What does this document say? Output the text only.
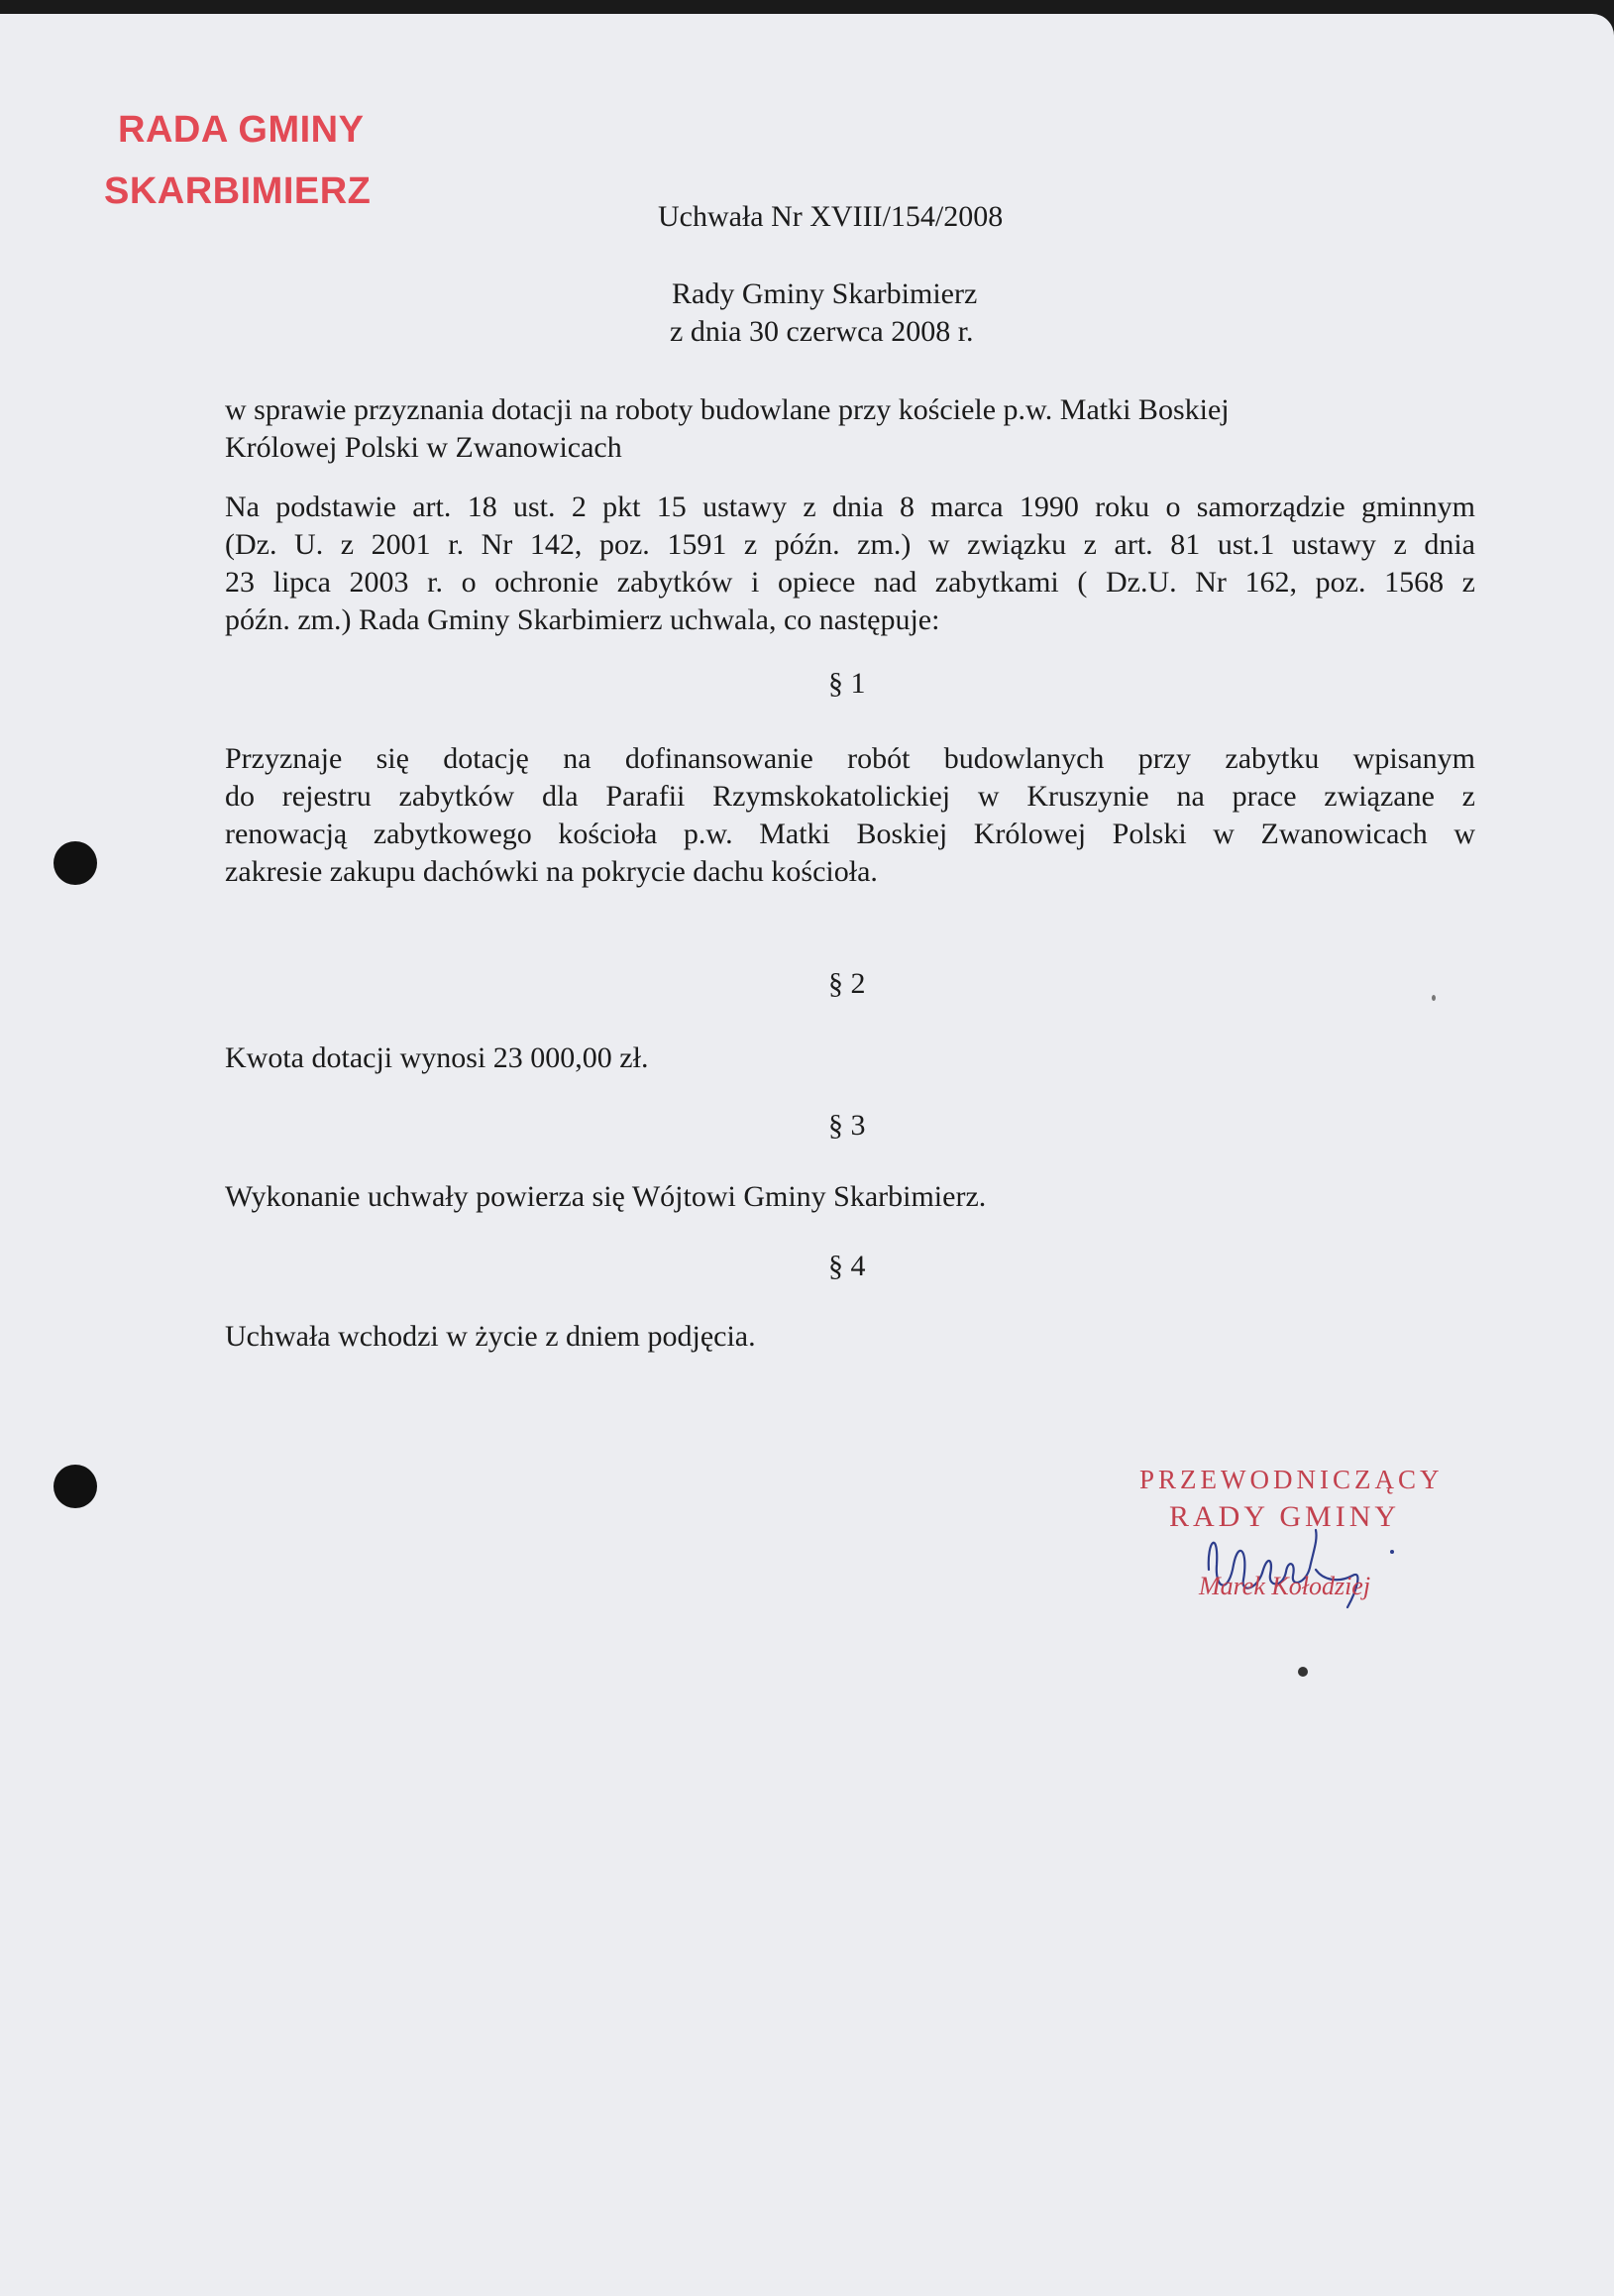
RADA GMINY
SKARBIMIERZ
Uchwała Nr XVIII/154/2008
Rady Gminy Skarbimierz
z dnia 30 czerwca 2008 r.
w sprawie przyznania dotacji na roboty budowlane przy kościele p.w. Matki Boskiej
Królowej Polski w Zwanowicach
Na podstawie art. 18 ust. 2 pkt 15 ustawy z dnia 8 marca 1990 roku o samorządzie gminnym
(Dz. U. z 2001 r. Nr 142, poz. 1591 z późn. zm.) w związku z art. 81 ust.1 ustawy z dnia
23 lipca 2003 r. o ochronie zabytków i opiece nad zabytkami ( Dz.U. Nr 162, poz. 1568 z
późn. zm.) Rada Gminy Skarbimierz uchwala, co następuje:
§ 1
Przyznaje się dotację na dofinansowanie robót budowlanych przy zabytku wpisanym
do rejestru zabytków dla Parafii Rzymskokatolickiej w Kruszynie na prace związane z
renowacją zabytkowego kościoła p.w. Matki Boskiej Królowej Polski w Zwanowicach w
zakresie zakupu dachówki na pokrycie dachu kościoła.
§ 2
Kwota dotacji wynosi 23 000,00 zł.
§ 3
Wykonanie uchwały powierza się Wójtowi Gminy Skarbimierz.
§ 4
Uchwała wchodzi w życie z dniem podjęcia.
PRZEWODNICZĄCY
RADY GMINY
Marek Kołodziej
